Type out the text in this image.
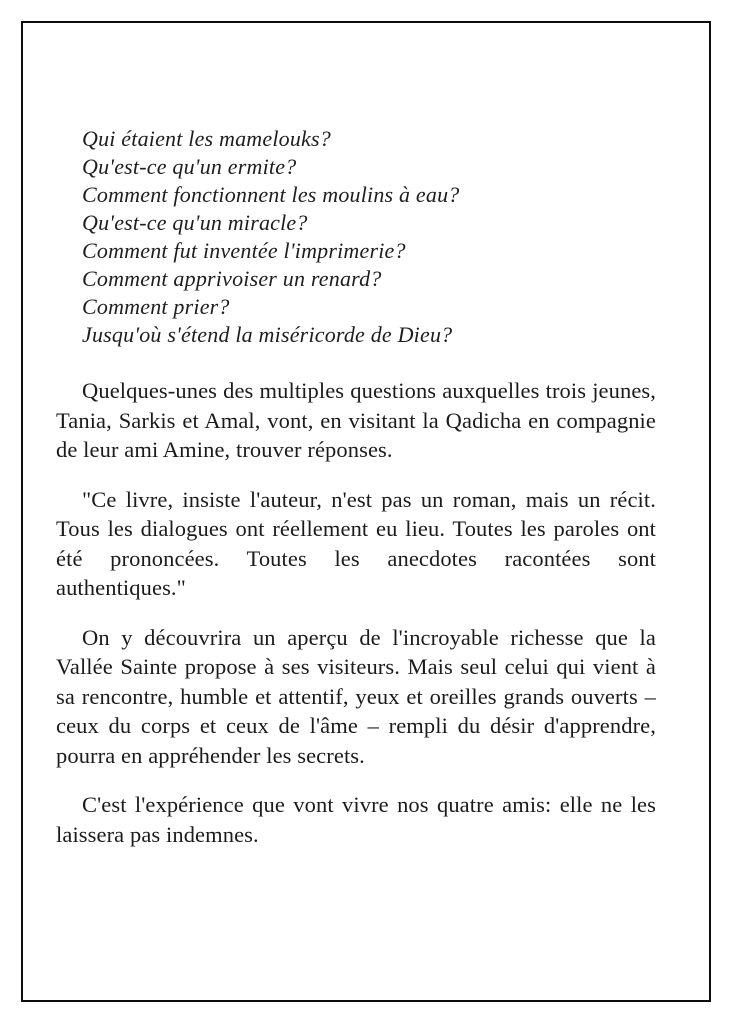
Qui étaient les mamelouks?
Qu'est-ce qu'un ermite?
Comment fonctionnent les moulins à eau?
Qu'est-ce qu'un miracle?
Comment fut inventée l'imprimerie?
Comment apprivoiser un renard?
Comment prier?
Jusqu'où s'étend la miséricorde de Dieu?

Quelques-unes des multiples questions auxquelles trois jeunes, Tania, Sarkis et Amal, vont, en visitant la Qadicha en compagnie de leur ami Amine, trouver réponses.

"Ce livre, insiste l'auteur, n'est pas un roman, mais un récit. Tous les dialogues ont réellement eu lieu. Toutes les paroles ont été prononcées. Toutes les anecdotes racontées sont authentiques."

On y découvrira un aperçu de l'incroyable richesse que la Vallée Sainte propose à ses visiteurs. Mais seul celui qui vient à sa rencontre, humble et attentif, yeux et oreilles grands ouverts – ceux du corps et ceux de l'âme – rempli du désir d'apprendre, pourra en appréhender les secrets.

C'est l'expérience que vont vivre nos quatre amis: elle ne les laissera pas indemnes.
